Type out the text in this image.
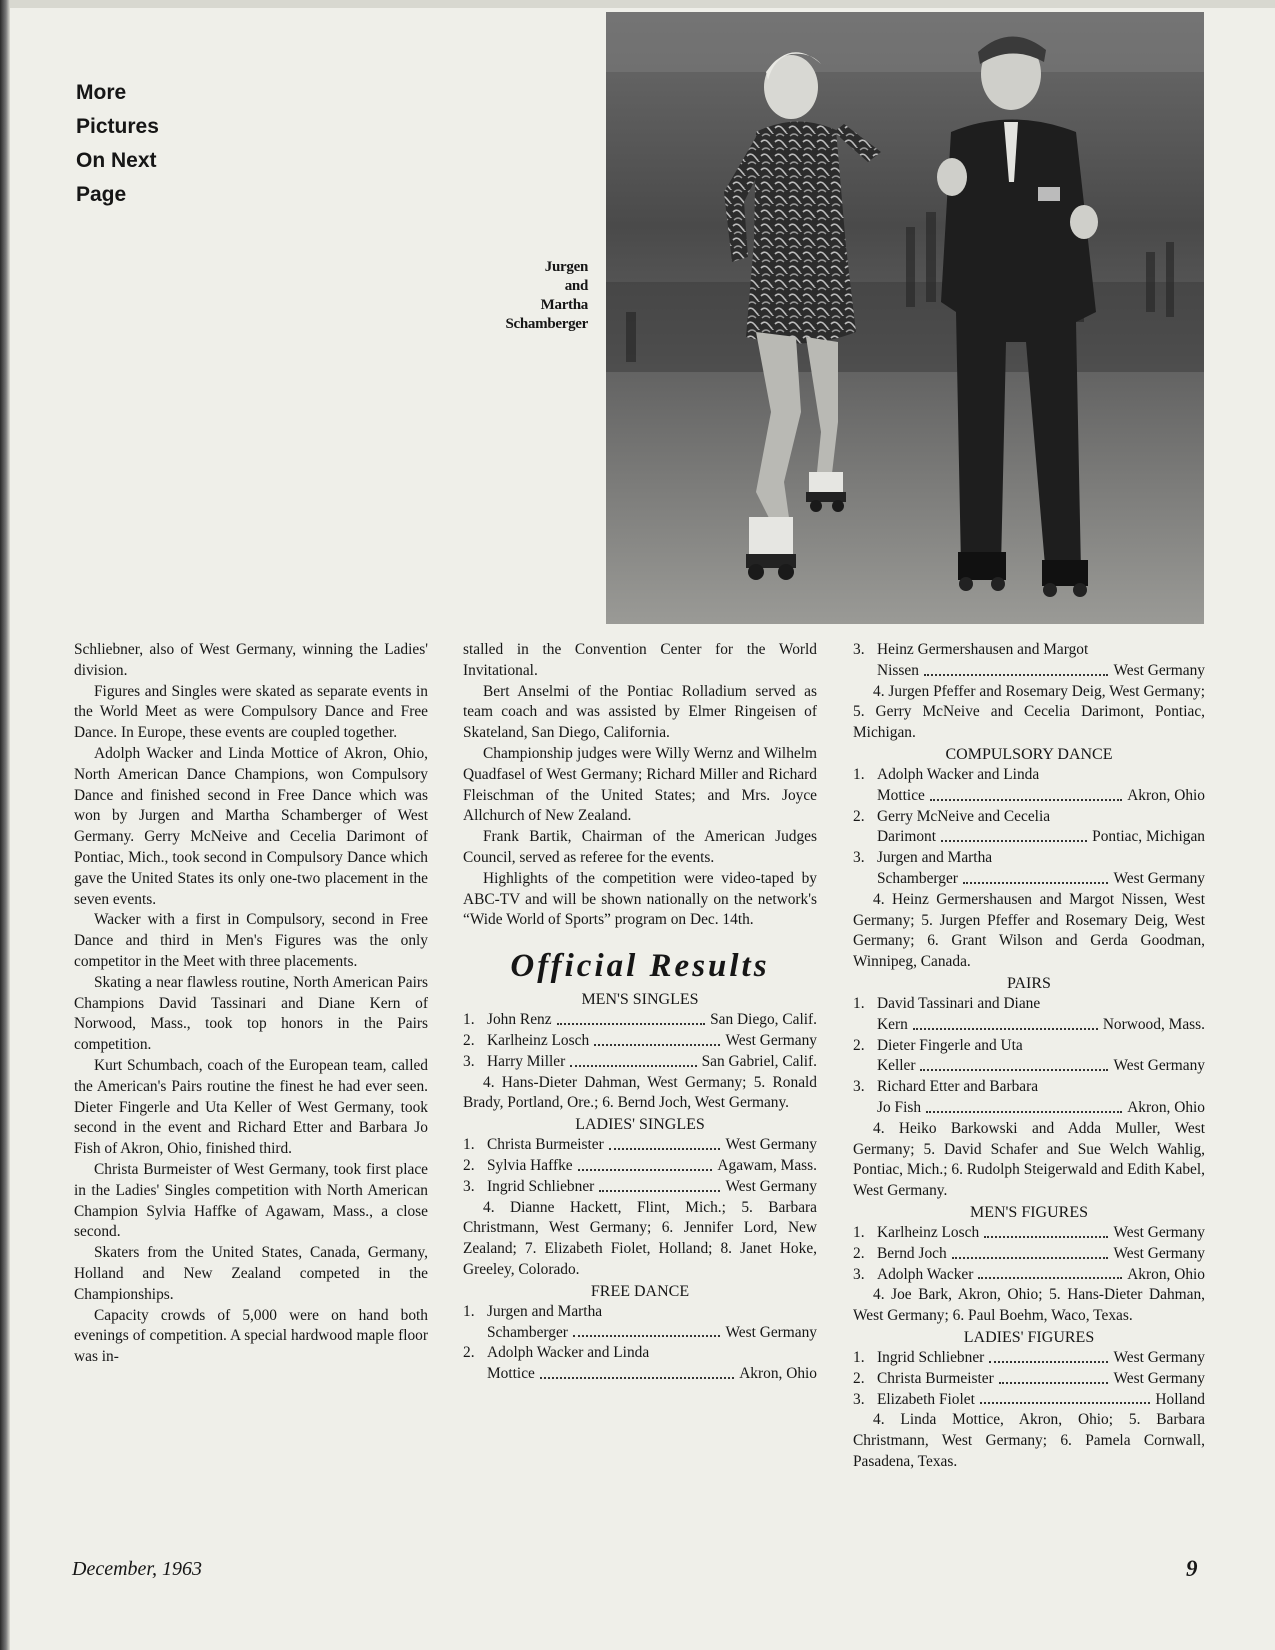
More
Pictures
On Next
Page
Jurgen
and
Martha
Schamberger

Schliebner, also of West Germany, winning the Ladies' division.

Figures and Singles were skated as separate events in the World Meet as were Compulsory Dance and Free Dance. In Europe, these events are coupled together.

Adolph Wacker and Linda Mottice of Akron, Ohio, North American Dance Champions, won Compulsory Dance and finished second in Free Dance which was won by Jurgen and Martha Schamberger of West Germany. Gerry McNeive and Cecelia Darimont of Pontiac, Mich., took second in Compulsory Dance which gave the United States its only one-two placement in the seven events.

Wacker with a first in Compulsory, second in Free Dance and third in Men's Figures was the only competitor in the Meet with three placements.

Skating a near flawless routine, North American Pairs Champions David Tassinari and Diane Kern of Norwood, Mass., took top honors in the Pairs competition.

Kurt Schumbach, coach of the European team, called the American's Pairs routine the finest he had ever seen. Dieter Fingerle and Uta Keller of West Germany, took second in the event and Richard Etter and Barbara Jo Fish of Akron, Ohio, finished third.

Christa Burmeister of West Germany, took first place in the Ladies' Singles competition with North American Champion Sylvia Haffke of Agawam, Mass., a close second.

Skaters from the United States, Canada, Germany, Holland and New Zealand competed in the Championships.

Capacity crowds of 5,000 were on hand both evenings of competition. A special hardwood maple floor was in-

stalled in the Convention Center for the World Invitational.

Bert Anselmi of the Pontiac Rolladium served as team coach and was assisted by Elmer Ringeisen of Skateland, San Diego, California.

Championship judges were Willy Wernz and Wilhelm Quadfasel of West Germany; Richard Miller and Richard Fleischman of the United States; and Mrs. Joyce Allchurch of New Zealand.

Frank Bartik, Chairman of the American Judges Council, served as referee for the events.

Highlights of the competition were video-taped by ABC-TV and will be shown nationally on the network's “Wide World of Sports” program on Dec. 14th.

Official Results
MEN'S SINGLES
1. John Renz	San Diego, Calif.
2. Karlheinz Losch	West Germany
3. Harry Miller	San Gabriel, Calif.

4. Hans-Dieter Dahman, West Germany; 5. Ronald Brady, Portland, Ore.; 6. Bernd Joch, West Germany.

LADIES' SINGLES
1. Christa Burmeister	West Germany
2. Sylvia Haffke	Agawam, Mass.
3. Ingrid Schliebner	West Germany

4. Dianne Hackett, Flint, Mich.; 5. Barbara Christmann, West Germany; 6. Jennifer Lord, New Zealand; 7. Elizabeth Fiolet, Holland; 8. Janet Hoke, Greeley, Colorado.

FREE DANCE
1. Jurgen and Martha
Schamberger	West Germany
2. Adolph Wacker and Linda
Mottice	Akron, Ohio
3. Heinz Germershausen and Margot
Nissen	West Germany

4. Jurgen Pfeffer and Rosemary Deig, West Germany; 5. Gerry McNeive and Cecelia Darimont, Pontiac, Michigan.

COMPULSORY DANCE
1. Adolph Wacker and Linda
Mottice	Akron, Ohio
2. Gerry McNeive and Cecelia
Darimont	Pontiac, Michigan
3. Jurgen and Martha
Schamberger	West Germany

4. Heinz Germershausen and Margot Nissen, West Germany; 5. Jurgen Pfeffer and Rosemary Deig, West Germany; 6. Grant Wilson and Gerda Goodman, Winnipeg, Canada.

PAIRS
1. David Tassinari and Diane
Kern	Norwood, Mass.
2. Dieter Fingerle and Uta
Keller	West Germany
3. Richard Etter and Barbara
Jo Fish	Akron, Ohio

4. Heiko Barkowski and Adda Muller, West Germany; 5. David Schafer and Sue Welch Wahlig, Pontiac, Mich.; 6. Rudolph Steigerwald and Edith Kabel, West Germany.

MEN'S FIGURES
1. Karlheinz Losch	West Germany
2. Bernd Joch	West Germany
3. Adolph Wacker	Akron, Ohio

4. Joe Bark, Akron, Ohio; 5. Hans-Dieter Dahman, West Germany; 6. Paul Boehm, Waco, Texas.

LADIES' FIGURES
1. Ingrid Schliebner	West Germany
2. Christa Burmeister	West Germany
3. Elizabeth Fiolet	Holland

4. Linda Mottice, Akron, Ohio; 5. Barbara Christmann, West Germany; 6. Pamela Cornwall, Pasadena, Texas.

December, 1963	9
